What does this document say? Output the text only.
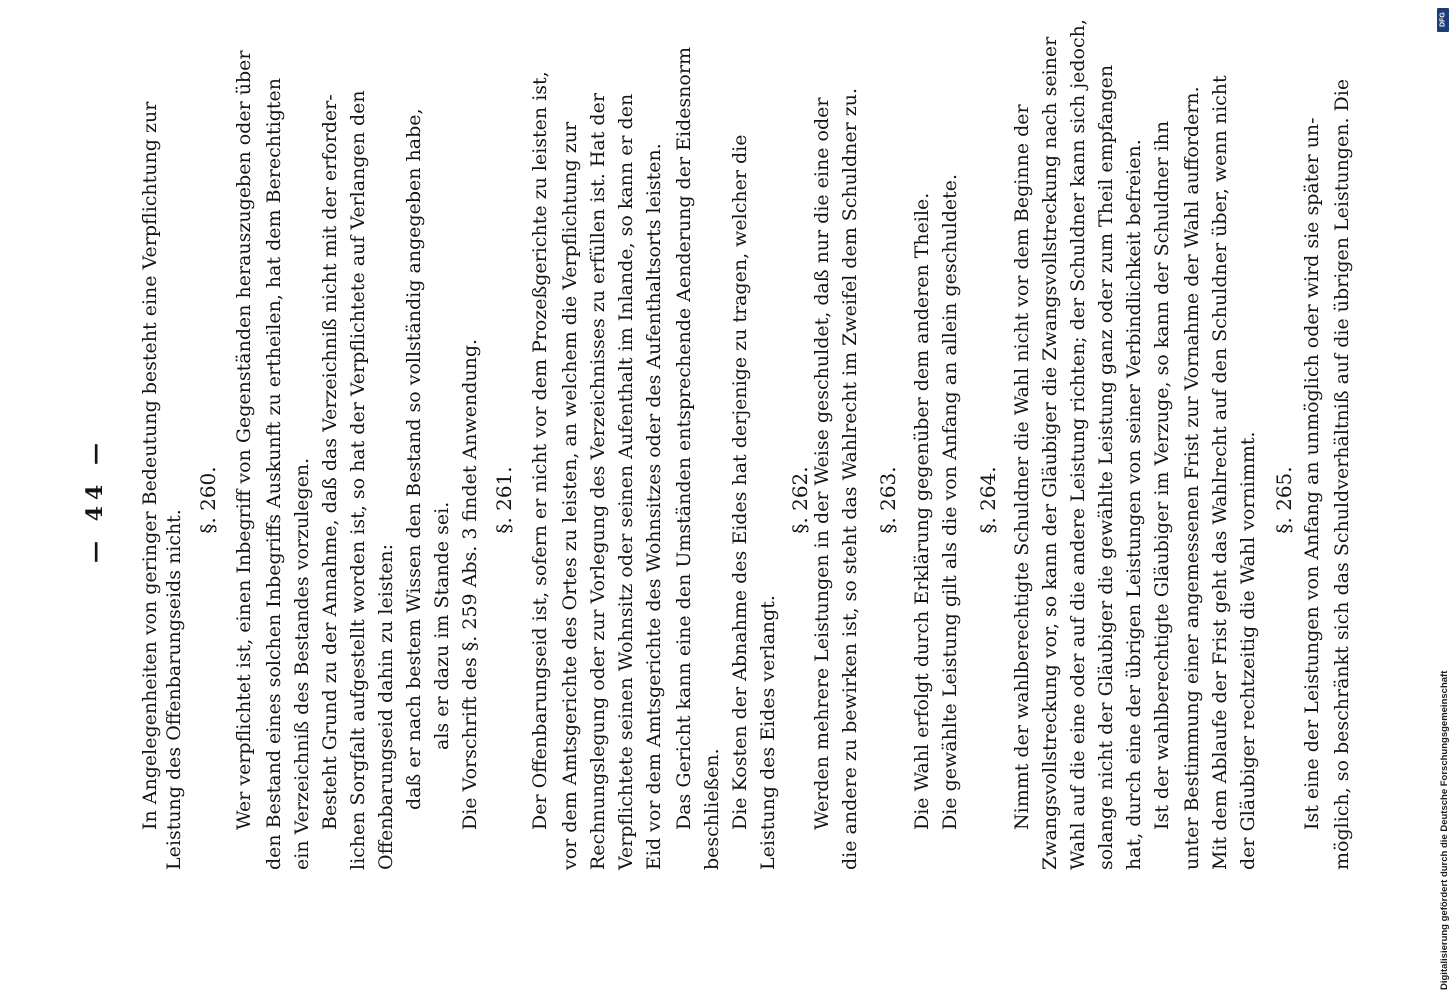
— 44 — In Angelegenheiten von geringer Bedeutung besteht eine Verpflichtung zur Leistung des Offenbarungseids nicht.
§. 260. Wer verpflichtet ist, einen Inbegriff von Gegenständen herauszugeben oder über den Bestand eines solchen Inbegriffs Auskunft zu ertheilen, hat dem Berechtigten ein Verzeichniß des Bestandes vorzulegen. Besteht Grund zu der Annahme, daß das Verzeichniß nicht mit der erforder- lichen Sorgfalt aufgestellt worden ist, so hat der Verpflichtete auf Verlangen den Offenbarungseid dahin zu leisten: daß er nach bestem Wissen den Bestand so vollständig angegeben habe, als er dazu im Stande sei. Die Vorschrift des §. 259 Abs. 3 findet Anwendung. §. 261. Der Offenbarungseid ist, sofern er nicht vor dem Prozeßgerichte zu leisten ist, vor dem Amtsgerichte des Ortes zu leisten, an welchem die Verpflichtung zur Rechnungslegung oder zur Vorlegung des Verzeichnisses zu erfüllen ist. Hat der Verpflichtete seinen Wohnsitz oder seinen Aufenthalt im Inlande, so kann er den Eid vor dem Amtsgerichte des Wohnsitzes oder des Aufenthaltsorts leisten. Das Gericht kann eine den Umständen entsprechende Aenderung der Eidesnorm beschließen. Die Kosten der Abnahme des Eides hat derjenige zu tragen, welcher die Leistung des Eides verlangt.
§. 262. Werden mehrere Leistungen in der Weise geschuldet, daß nur die eine oder die andere zu bewirken ist, so steht das Wahlrecht im Zweifel dem Schuldner zu. §. 263. Die Wahl erfolgt durch Erklärung gegenüber dem anderen Theile. Die gewählte Leistung gilt als die von Anfang an allein geschuldete. §. 264. Nimmt der wahlberechtigte Schuldner die Wahl nicht vor dem Beginne der Zwangsvollstreckung vor, so kann der Gläubiger die Zwangsvollstreckung nach seiner Wahl auf die eine oder auf die andere Leistung richten; der Schuldner kann sich jedoch, solange nicht der Gläubiger die gewählte Leistung ganz oder zum Theil empfangen hat, durch eine der übrigen Leistungen von seiner Verbindlichkeit befreien. Ist der wahlberechtigte Gläubiger im Verzuge, so kann der Schuldner ihn unter Bestimmung einer angemessenen Frist zur Vornahme der Wahl auffordern. Mit dem Ablaufe der Frist geht das Wahlrecht auf den Schuldner über, wenn nicht der Gläubiger rechtzeitig die Wahl vornimmt. §. 265. Ist eine der Leistungen von Anfang an unmöglich oder wird sie später un- möglich, so beschränkt sich das Schuldverhältniß auf die übrigen Leistungen. Die
DFG
Digitalisierung gefördert durch die Deutsche Forschungsgemeinschaft
